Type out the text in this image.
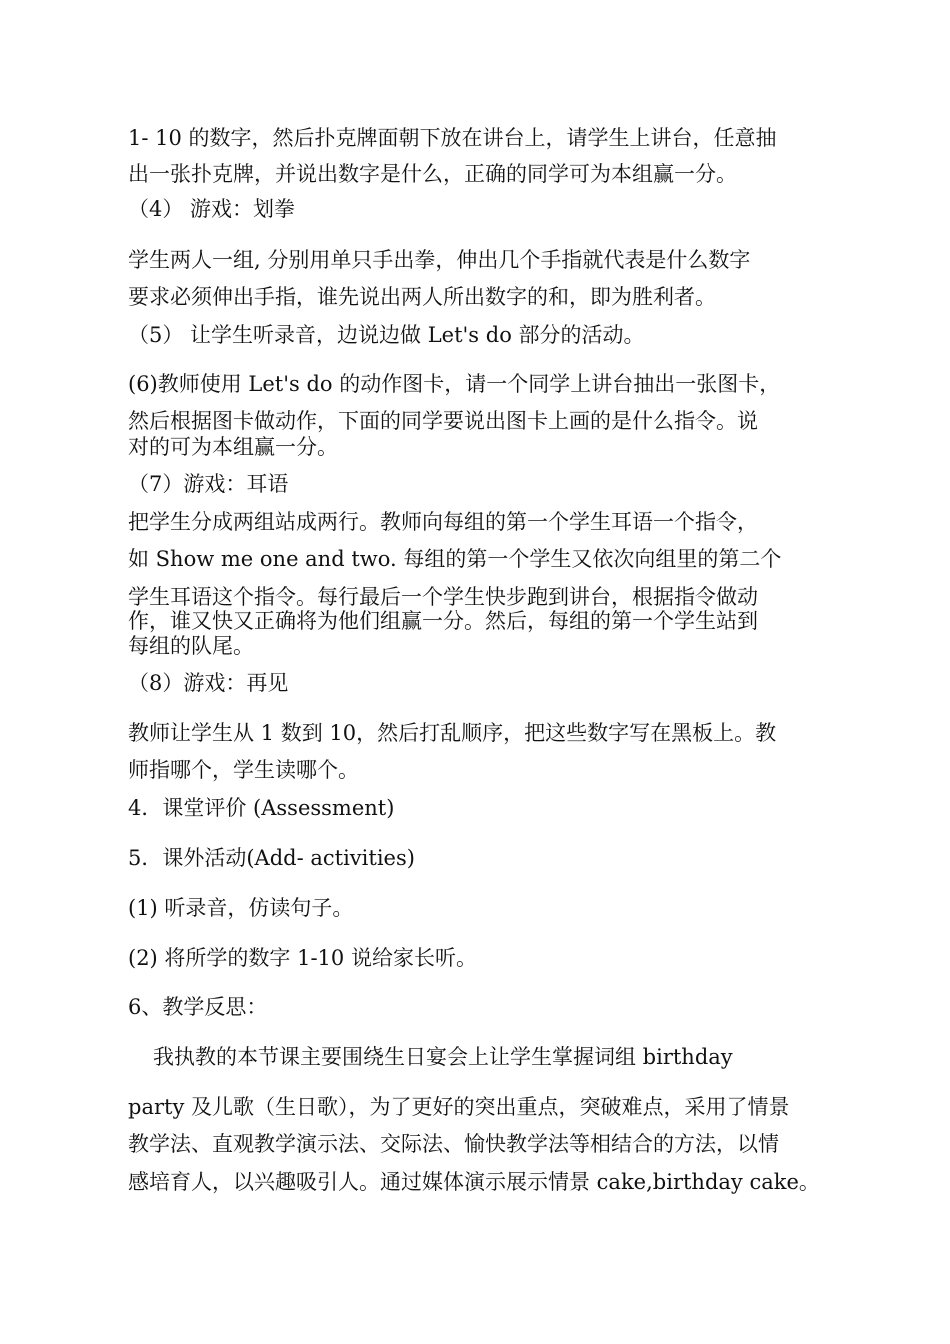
1- 10 的数字，然后扑克牌面朝下放在讲台上，请学生上讲台，任意抽
出一张扑克牌，并说出数字是什么，正确的同学可为本组赢一分。
（4） 游戏：划拳
学生两人一组, 分别用单只手出拳，伸出几个手指就代表是什么数字
要求必须伸出手指，谁先说出两人所出数字的和，即为胜利者。
（5） 让学生听录音，边说边做 Let's do 部分的活动。
(6)教师使用 Let's do 的动作图卡，请一个同学上讲台抽出一张图卡，
然后根据图卡做动作，下面的同学要说出图卡上画的是什么指令。说
对的可为本组赢一分。
（7）游戏：耳语
把学生分成两组站成两行。教师向每组的第一个学生耳语一个指令，
如 Show me one and two. 每组的第一个学生又依次向组里的第二个
学生耳语这个指令。每行最后一个学生快步跑到讲台，根据指令做动
作，谁又快又正确将为他们组赢一分。然后，每组的第一个学生站到
每组的队尾。
（8）游戏：再见
教师让学生从 1 数到 10，然后打乱顺序，把这些数字写在黑板上。教
师指哪个，学生读哪个。
4．课堂评价 (Assessment)
5．课外活动(Add- activities)
(1) 听录音，仿读句子。
(2) 将所学的数字 1-10 说给家长听。
6、教学反思：
我执教的本节课主要围绕生日宴会上让学生掌握词组 birthday
party 及儿歌（生日歌），为了更好的突出重点，突破难点，采用了情景
教学法、直观教学演示法、交际法、愉快教学法等相结合的方法，以情
感培育人，以兴趣吸引人。通过媒体演示展示情景 cake,birthday cake。
